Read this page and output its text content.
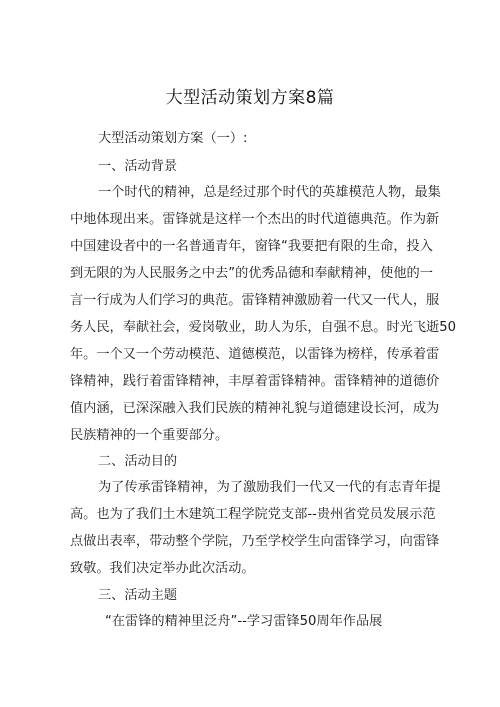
大型活动策划方案8篇
大型活动策划方案（一）:
一、活动背景
一个时代的精神，总是经过那个时代的英雄模范人物，最集
中地体现出来。雷锋就是这样一个杰出的时代道德典范。作为新
中国建设者中的一名普通青年，窗锋“我要把有限的生命，投入
到无限的为人民服务之中去”的优秀品德和奉献精神，使他的一
言一行成为人们学习的典范。雷锋精神激励着一代又一代人，服
务人民，奉献社会，爱岗敬业，助人为乐，自强不息。时光飞逝50
年。一个又一个劳动模范、道德模范，以雷锋为榜样，传承着雷
锋精神，践行着雷锋精神，丰厚着雷锋精神。雷锋精神的道德价
值内涵，已深深融入我们民族的精神礼貌与道德建设长河，成为
民族精神的一个重要部分。
二、活动目的
为了传承雷锋精神，为了激励我们一代又一代的有志青年提
高。也为了我们土木建筑工程学院党支部--贵州省党员发展示范
点做出表率，带动整个学院，乃至学校学生向雷锋学习，向雷锋
致敬。我们决定举办此次活动。
三、活动主题
“在雷锋的精神里泛舟”--学习雷锋50周年作品展
